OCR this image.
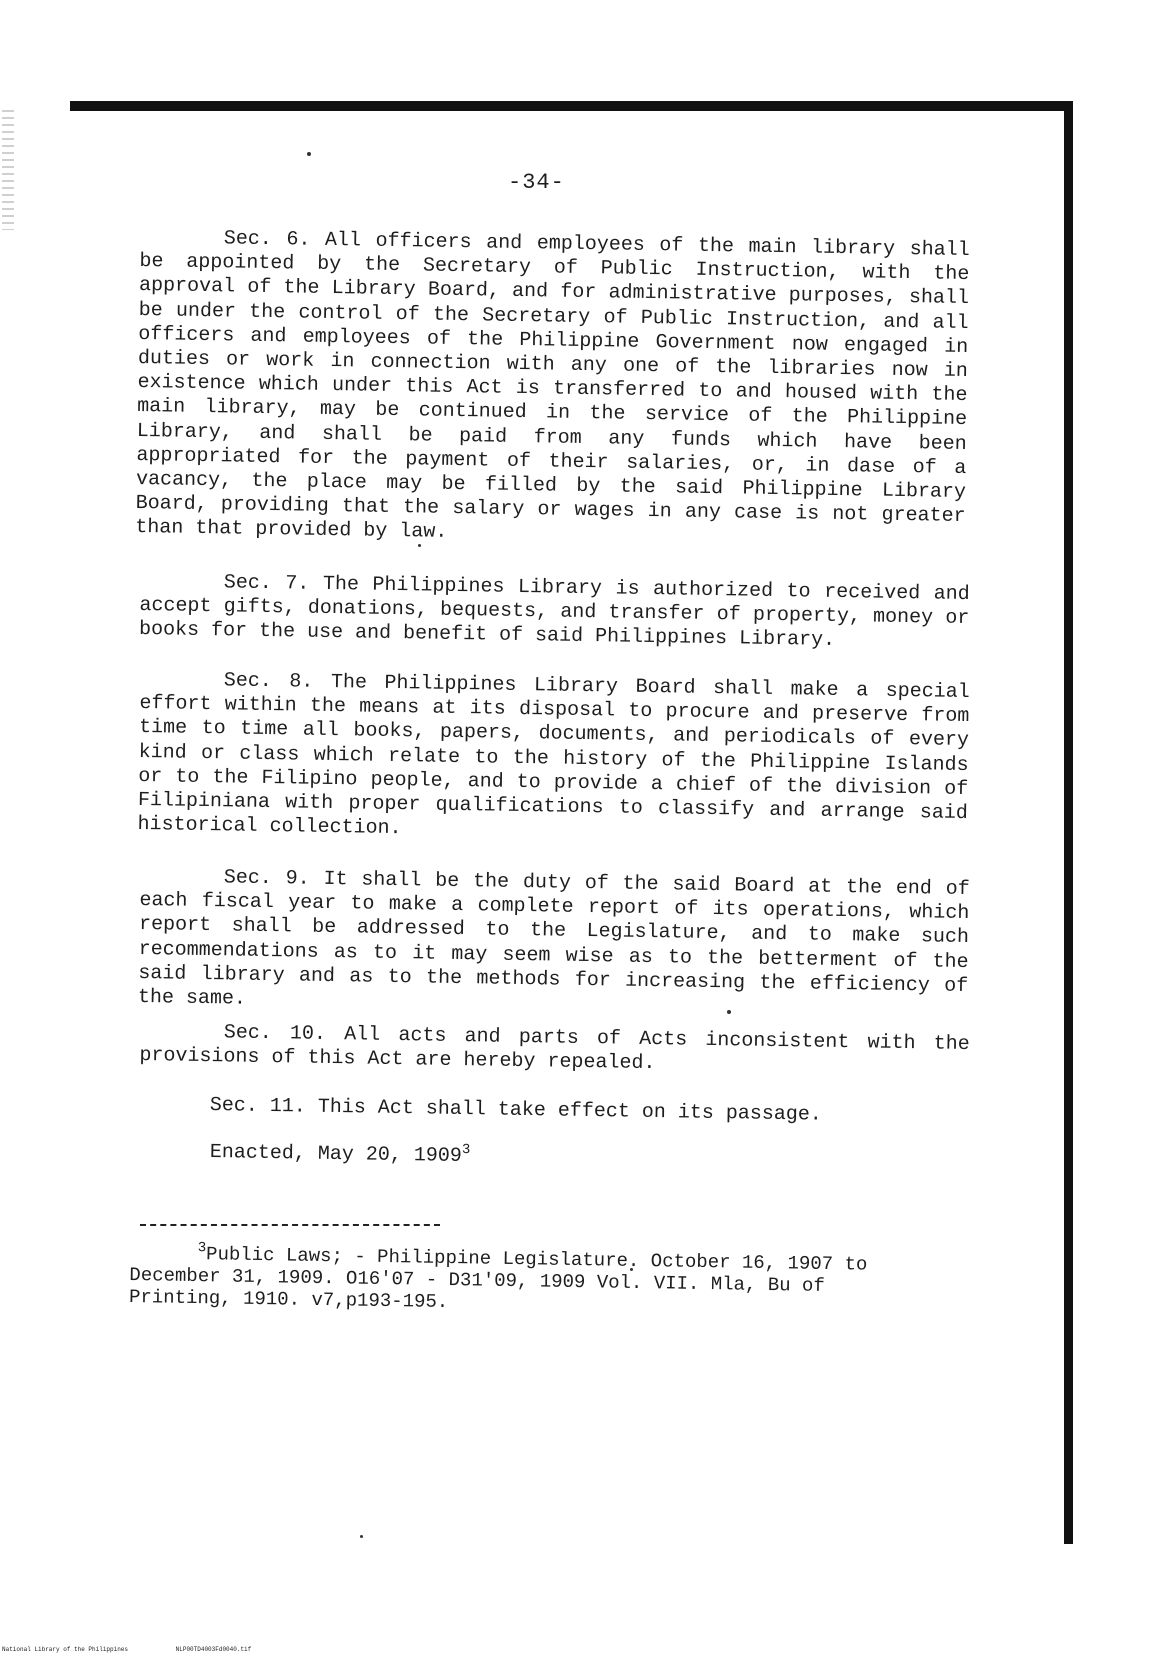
-34-

Sec. 6. All officers and employees of the main library shall be appointed by the Secretary of Public Instruction, with the approval of the Library Board, and for administrative purposes, shall be under the control of the Secretary of Public Instruction, and all officers and employees of the Philippine Government now engaged in duties or work in connection with any one of the libraries now in existence which under this Act is transferred to and housed with the main library, may be continued in the service of the Philippine Library, and shall be paid from any funds which have been appropriated for the payment of their salaries, or, in dase of a vacancy, the place may be filled by the said Philippine Library Board, providing that the salary or wages in any case is not greater than that provided by law.

Sec. 7. The Philippines Library is authorized to received and accept gifts, donations, bequests, and transfer of property, money or books for the use and benefit of said Philippines Library.

Sec. 8. The Philippines Library Board shall make a special effort within the means at its disposal to procure and preserve from time to time all books, papers, documents, and periodicals of every kind or class which relate to the history of the Philippine Islands or to the Filipino people, and to provide a chief of the division of Filipiniana with proper qualifications to classify and arrange said historical collection.

Sec. 9. It shall be the duty of the said Board at the end of each fiscal year to make a complete report of its operations, which report shall be addressed to the Legislature, and to make such recommendations as to it may seem wise as to the betterment of the said library and as to the methods for increasing the efficiency of the same.

Sec. 10. All acts and parts of Acts inconsistent with the provisions of this Act are hereby repealed.

Sec. 11. This Act shall take effect on its passage.

Enacted, May 20, 1909$^3$

$^3$Public Laws; - Philippine Legislature. October 16, 1907 to December 31, 1909. O16'07 - D31'09, 1909 Vol. VII. Mla, Bu of Printing, 1910. v7,p193-195.

National Library of the Philippines	NLP00TD4003Fd0040.tif
